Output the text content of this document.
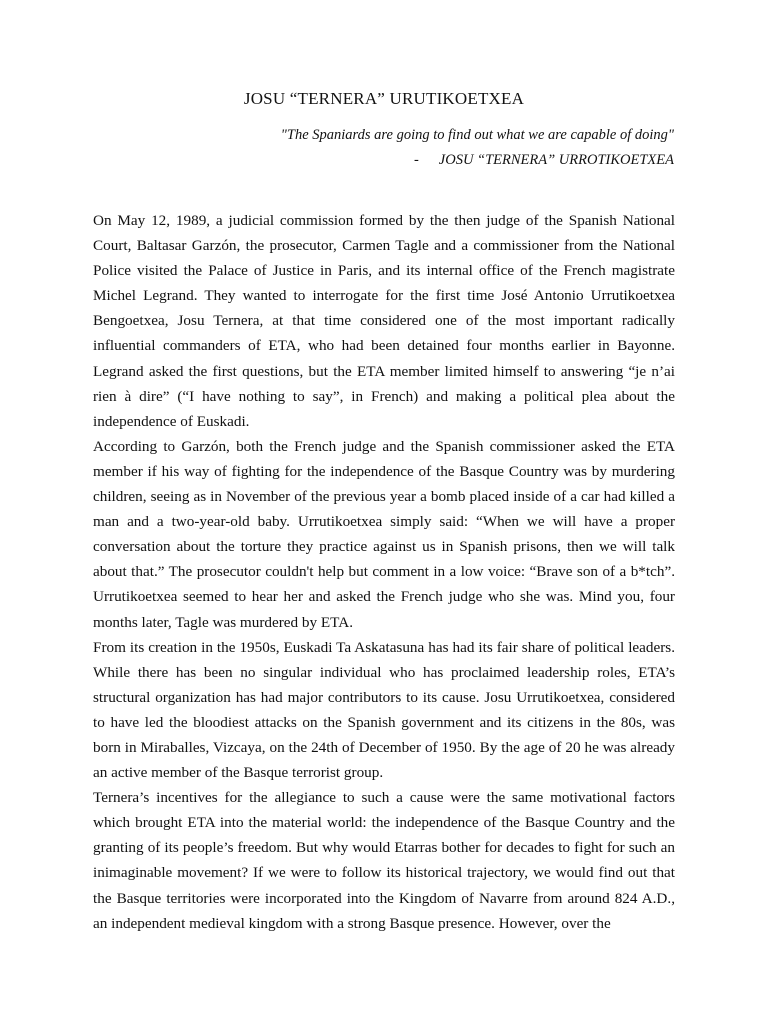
JOSU “TERNERA” URUTIKOETXEA
"The Spaniards are going to find out what we are capable of doing"
- JOSU “TERNERA” URROTIKOETXEA

On May 12, 1989, a judicial commission formed by the then judge of the Spanish National Court, Baltasar Garzón, the prosecutor, Carmen Tagle and a commissioner from the National Police visited the Palace of Justice in Paris, and its internal office of the French magistrate Michel Legrand. They wanted to interrogate for the first time José Antonio Urrutikoetxea Bengoetxea, Josu Ternera, at that time considered one of the most important radically influential commanders of ETA, who had been detained four months earlier in Bayonne. Legrand asked the first questions, but the ETA member limited himself to answering “je n’ai rien à dire” (“I have nothing to say”, in French) and making a political plea about the independence of Euskadi.

According to Garzón, both the French judge and the Spanish commissioner asked the ETA member if his way of fighting for the independence of the Basque Country was by murdering children, seeing as in November of the previous year a bomb placed inside of a car had killed a man and a two-year-old baby. Urrutikoetxea simply said: “When we will have a proper conversation about the torture they practice against us in Spanish prisons, then we will talk about that.” The prosecutor couldn't help but comment in a low voice: “Brave son of a b*tch”. Urrutikoetxea seemed to hear her and asked the French judge who she was. Mind you, four months later, Tagle was murdered by ETA.

From its creation in the 1950s, Euskadi Ta Askatasuna has had its fair share of political leaders. While there has been no singular individual who has proclaimed leadership roles, ETA’s structural organization has had major contributors to its cause. Josu Urrutikoetxea, considered to have led the bloodiest attacks on the Spanish government and its citizens in the 80s, was born in Miraballes, Vizcaya, on the 24th of December of 1950. By the age of 20 he was already an active member of the Basque terrorist group.

Ternera’s incentives for the allegiance to such a cause were the same motivational factors which brought ETA into the material world: the independence of the Basque Country and the granting of its people’s freedom. But why would Etarras bother for decades to fight for such an inimaginable movement? If we were to follow its historical trajectory, we would find out that the Basque territories were incorporated into the Kingdom of Navarre from around 824 A.D., an independent medieval kingdom with a strong Basque presence. However, over the
